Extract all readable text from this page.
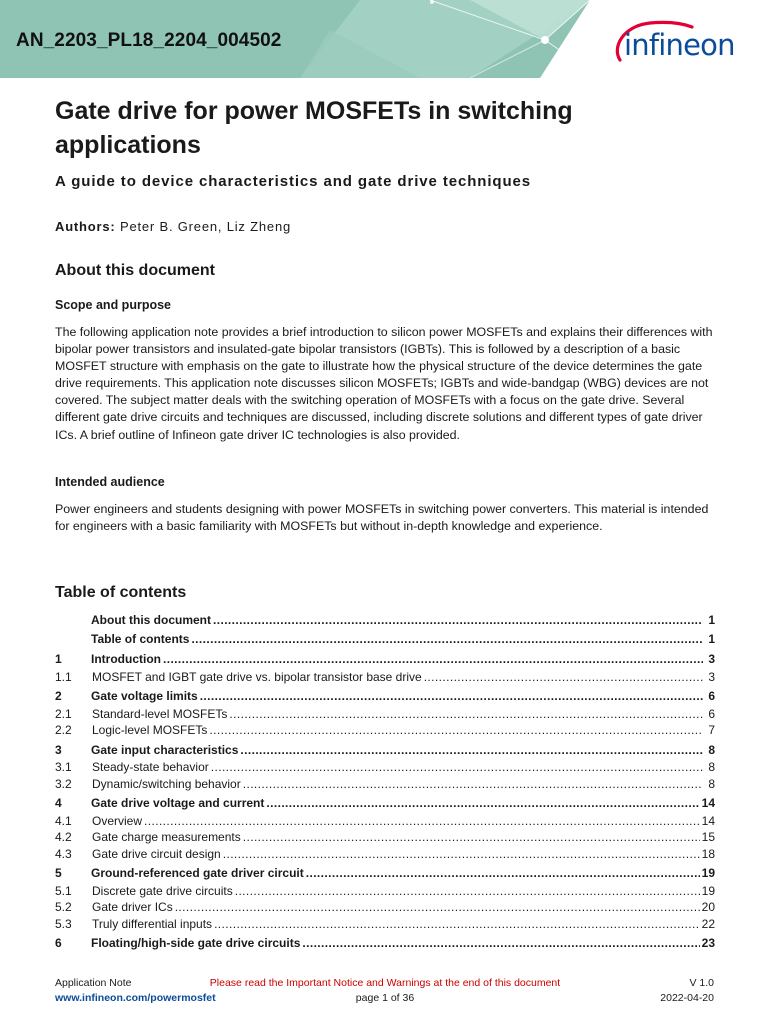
AN_2203_PL18_2204_004502	infineon
Gate drive for power MOSFETs in switching applications
A guide to device characteristics and gate drive techniques
Authors: Peter B. Green, Liz Zheng
About this document
Scope and purpose

The following application note provides a brief introduction to silicon power MOSFETs and explains their differences with bipolar power transistors and insulated-gate bipolar transistors (IGBTs). This is followed by a description of a basic MOSFET structure with emphasis on the gate to illustrate how the physical structure of the device determines the gate drive requirements. This application note discusses silicon MOSFETs; IGBTs and wide-bandgap (WBG) devices are not covered. The subject matter deals with the switching operation of MOSFETs with a focus on the gate drive. Several different gate drive circuits and techniques are discussed, including discrete solutions and different types of gate driver ICs. A brief outline of Infineon gate driver IC technologies is also provided.

Intended audience

Power engineers and students designing with power MOSFETs in switching power converters. This material is intended for engineers with a basic familiarity with MOSFETs but without in-depth knowledge and experience.

Table of contents
About this document .....	1
Table of contents .....	1
1	Introduction .....	3
1.1	MOSFET and IGBT gate drive vs. bipolar transistor base drive .....	3
2	Gate voltage limits .....	6
2.1	Standard-level MOSFETs .....	6
2.2	Logic-level MOSFETs .....	7
3	Gate input characteristics .....	8
3.1	Steady-state behavior .....	8
3.2	Dynamic/switching behavior .....	8
4	Gate drive voltage and current .....	14
4.1	Overview .....	14
4.2	Gate charge measurements .....	15
4.3	Gate drive circuit design .....	18
5	Ground-referenced gate driver circuit .....	19
5.1	Discrete gate drive circuits .....	19
5.2	Gate driver ICs .....	20
5.3	Truly differential inputs .....	22
6	Floating/high-side gate drive circuits .....	23
Application Note
www.infineon.com/powermosfet
Please read the Important Notice and Warnings at the end of this document
page 1 of 36
V 1.0
2022-04-20
